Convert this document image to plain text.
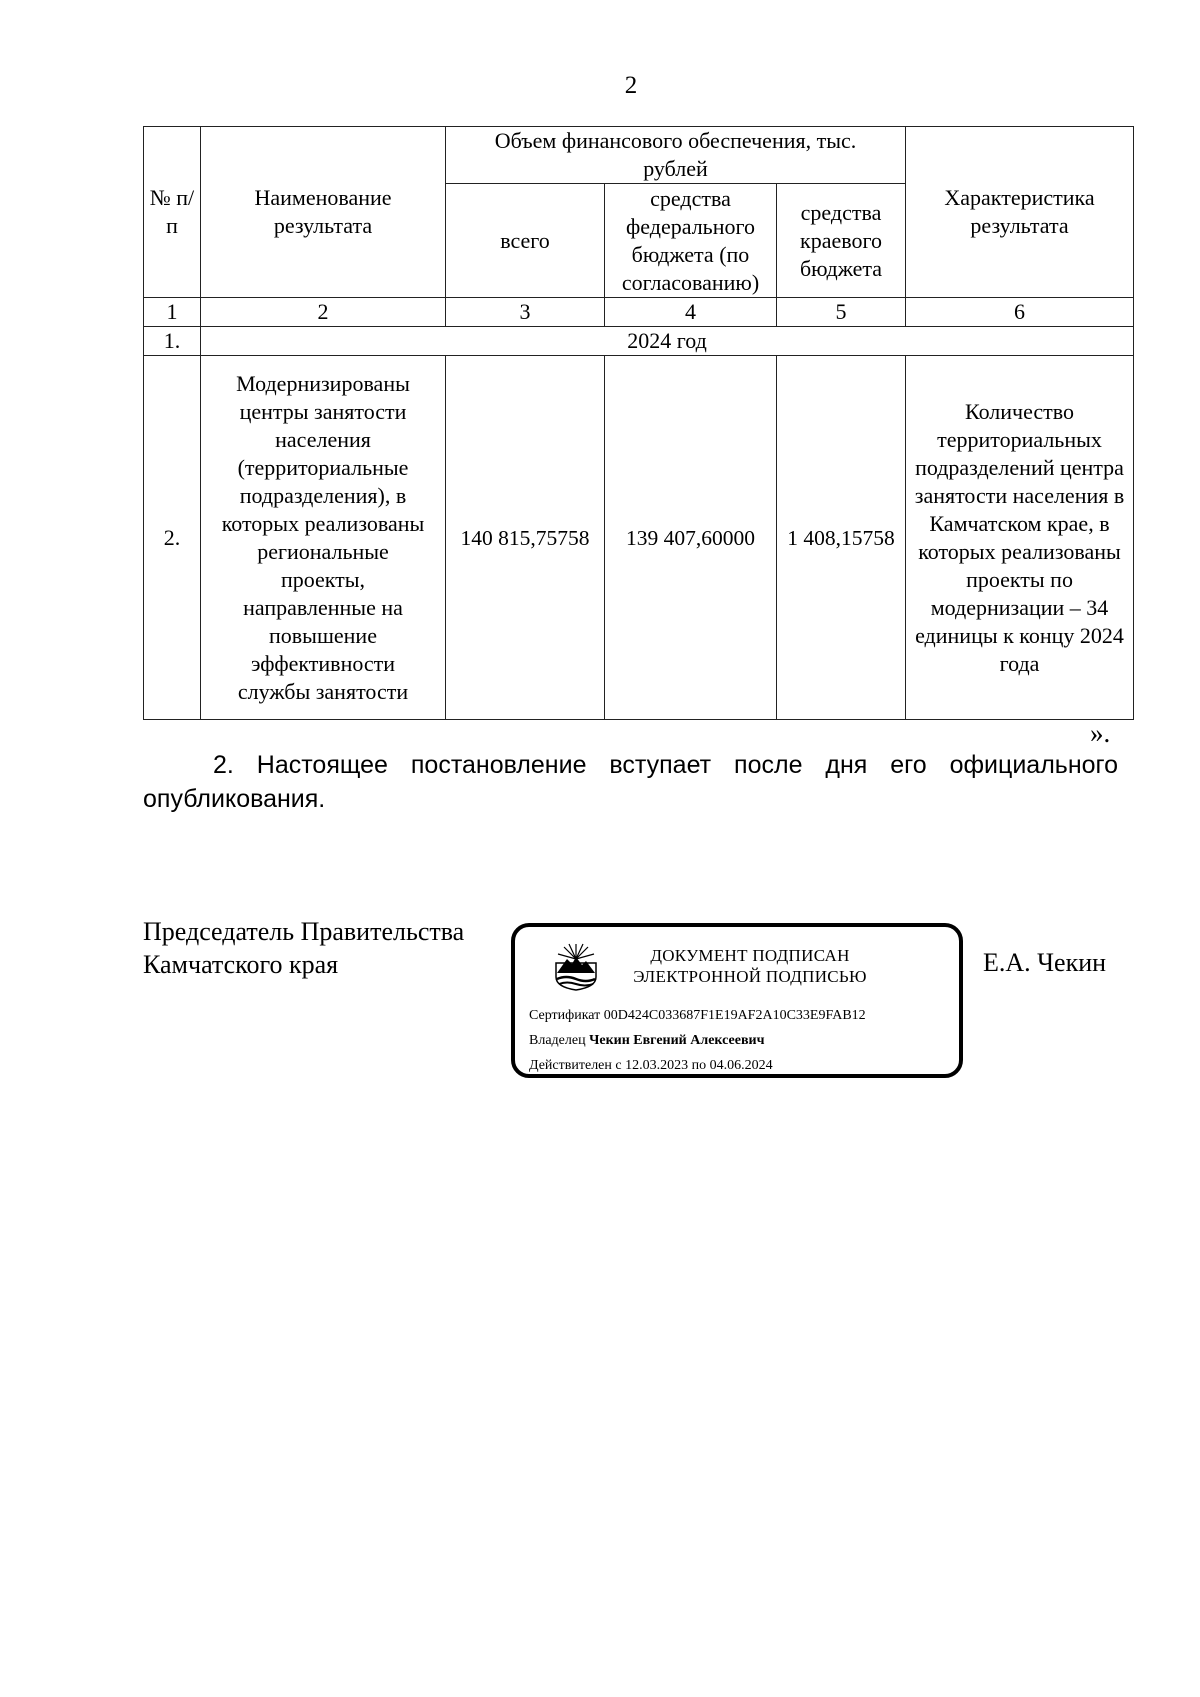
2
№ п/п	Наименование результата	Объем финансового обеспечения, тыс. рублей			Характеристика результата
		всего	средства федерального бюджета (по согласованию)	средства краевого бюджета	
1	2	3	4	5	6
1.	2024 год				
2.	Модернизированы центры занятости населения (территориальные подразделения), в которых реализованы региональные проекты, направленные на повышение эффективности службы занятости	140 815,75758	139 407,60000	1 408,15758	Количество территориальных подразделений центра занятости населения в Камчатском крае, в которых реализованы проекты по модернизации – 34 единицы к концу 2024 года
».
2. Настоящее постановление вступает после дня его официального опубликования.
Председатель Правительства
Камчатского края	Е.А. Чекин
ДОКУМЕНТ ПОДПИСАН
ЭЛЕКТРОННОЙ ПОДПИСЬЮ
Сертификат 00D424C033687F1E19AF2A10C33E9FAB12
Владелец Чекин Евгений Алексеевич
Действителен с 12.03.2023 по 04.06.2024
